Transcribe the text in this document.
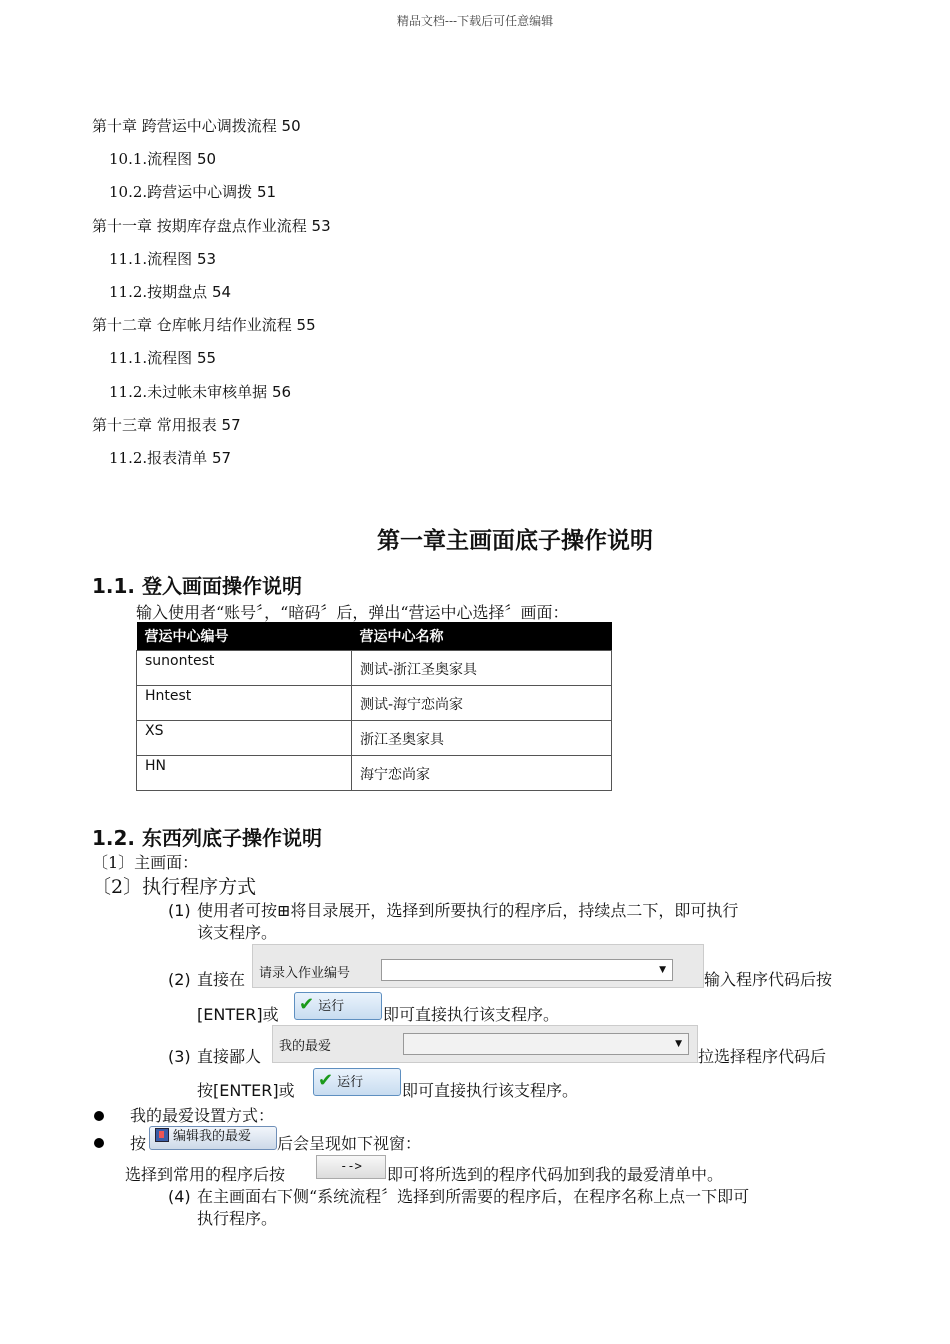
精品文档---下载后可任意编辑
第十章 跨营运中心调拨流程 50
10.1.流程图 50
10.2.跨营运中心调拨 51
第十一章 按期库存盘点作业流程 53
11.1.流程图 53
11.2.按期盘点 54
第十二章 仓库帐月结作业流程 55
11.1.流程图 55
11.2.未过帐未审核单据 56
第十三章 常用报表 57
11.2.报表清单 57
第一章主画面底子操作说明
1.1. 登入画面操作说明
输入使用者“账号〞，“暗码〞后，弹出“营运中心选择〞画面：
营运中心编号	营运中心名称
sunontest	测试-浙江圣奥家具
Hntest	测试-海宁恋尚家
XS	浙江圣奥家具
HN	海宁恋尚家
1.2. 东西列底子操作说明
〔1〕主画面：
〔2〕执行程序方式
(1) 使用者可按⊞将目录展开，选择到所要执行的程序后，持续点二下，即可执行
该支程序。
(2) 直接在 请录入作业编号	▼ 输入程序代码后按
[ENTER]或 ✔ 运行	即可直接执行该支程序。
(3) 直接鄙人
我的最爱	▼
拉选择程序代码后
按[ENTER]或 ✔ 运行	即可直接执行该支程序。
我的最爱设置方式：
按	编辑我的最爱	后会呈现如下视窗：
选择到常用的程序后按	-->	即可将所选到的程序代码加到我的最爱清单中。
(4) 在主画面右下侧“系统流程〞选择到所需要的程序后，在程序名称上点一下即可
执行程序。
